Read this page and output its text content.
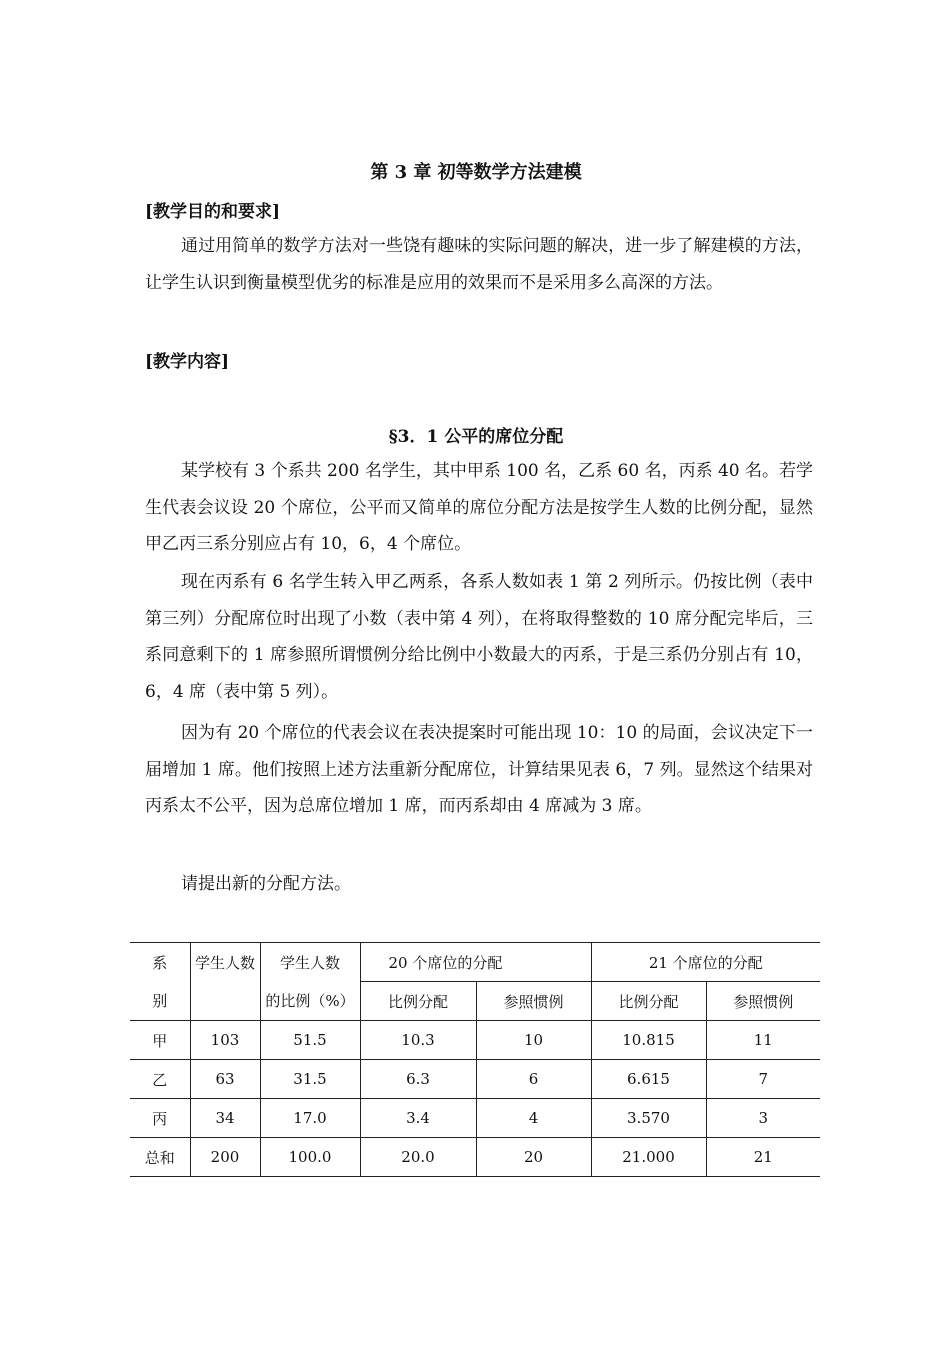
第 3 章 初等数学方法建模
[教学目的和要求]

通过用简单的数学方法对一些饶有趣味的实际问题的解决，进一步了解建模的方法，让学生认识到衡量模型优劣的标准是应用的效果而不是采用多么高深的方法。

[教学内容]
§3．1 公平的席位分配

某学校有 3 个系共 200 名学生，其中甲系 100 名，乙系 60 名，丙系 40 名。若学生代表会议设 20 个席位，公平而又简单的席位分配方法是按学生人数的比例分配，显然甲乙丙三系分别应占有 10，6，4 个席位。

现在丙系有 6 名学生转入甲乙两系，各系人数如表 1 第 2 列所示。仍按比例（表中第三列）分配席位时出现了小数（表中第 4 列），在将取得整数的 10 席分配完毕后，三系同意剩下的 1 席参照所谓惯例分给比例中小数最大的丙系，于是三系仍分别占有 10，6，4 席（表中第 5 列）。

因为有 20 个席位的代表会议在表决提案时可能出现 10：10 的局面，会议决定下一届增加 1 席。他们按照上述方法重新分配席位，计算结果见表 6，7 列。显然这个结果对丙系太不公平，因为总席位增加 1 席，而丙系却由 4 席减为 3 席。

请提出新的分配方法。

系	学生人数	学生人数	20 个席位的分配		21 个席位的分配	
别		的比例（%）	比例分配	参照惯例	比例分配	参照惯例
甲	103	51.5	10.3	10	10.815	11
乙	63	31.5	6.3	6	6.615	7
丙	34	17.0	3.4	4	3.570	3
总和	200	100.0	20.0	20	21.000	21
